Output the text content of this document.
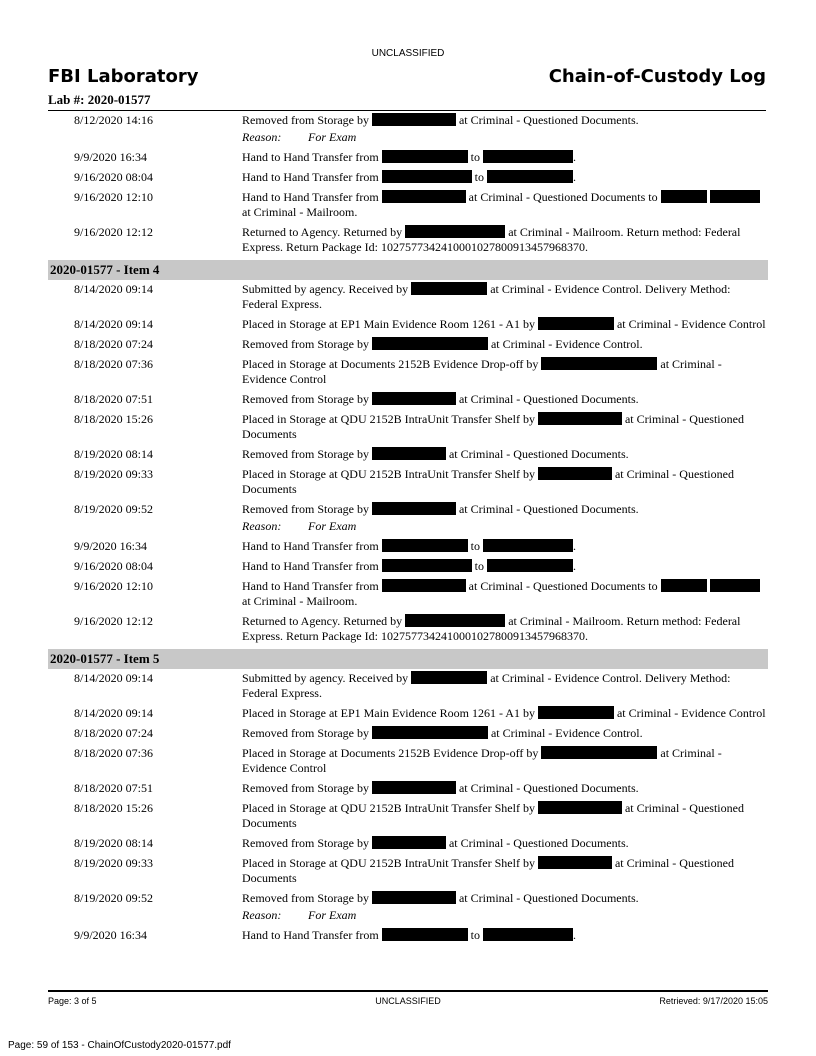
UNCLASSIFIED
FBI Laboratory	Chain-of-Custody Log
Lab #: 2020-01577
8/12/2020 14:16	Removed from Storage by	at Criminal - Questioned Documents.
Reason: For Exam
9/9/2020 16:34	Hand to Hand Transfer from	to	.
9/16/2020 08:04	Hand to Hand Transfer from	to	.
9/16/2020 12:10	Hand to Hand Transfer from	at Criminal - Questioned Documents to   at Criminal - Mailroom.
9/16/2020 12:12	Returned to Agency. Returned by	at Criminal - Mailroom. Return method: Federal Express. Return Package Id: 1027577342410001027800913457968370.
2020-01577 - Item 4
8/14/2020 09:14	Submitted by agency. Received by	at Criminal - Evidence Control. Delivery Method: Federal Express.
8/14/2020 09:14	Placed in Storage at EP1 Main Evidence Room 1261 - A1 by	at Criminal - Evidence Control
8/18/2020 07:24	Removed from Storage by	at Criminal - Evidence Control.
8/18/2020 07:36	Placed in Storage at Documents 2152B Evidence Drop-off by	at Criminal - Evidence Control
8/18/2020 07:51	Removed from Storage by	at Criminal - Questioned Documents.
8/18/2020 15:26	Placed in Storage at QDU 2152B IntraUnit Transfer Shelf by	at Criminal - Questioned Documents
8/19/2020 08:14	Removed from Storage by	at Criminal - Questioned Documents.
8/19/2020 09:33	Placed in Storage at QDU 2152B IntraUnit Transfer Shelf by	at Criminal - Questioned Documents
8/19/2020 09:52	Removed from Storage by	at Criminal - Questioned Documents.
Reason: For Exam
9/9/2020 16:34	Hand to Hand Transfer from	to	.
9/16/2020 08:04	Hand to Hand Transfer from	to	.
9/16/2020 12:10	Hand to Hand Transfer from	at Criminal - Questioned Documents to   at Criminal - Mailroom.
9/16/2020 12:12	Returned to Agency. Returned by	at Criminal - Mailroom. Return method: Federal Express. Return Package Id: 1027577342410001027800913457968370.
2020-01577 - Item 5
8/14/2020 09:14	Submitted by agency. Received by	at Criminal - Evidence Control. Delivery Method: Federal Express.
8/14/2020 09:14	Placed in Storage at EP1 Main Evidence Room 1261 - A1 by	at Criminal - Evidence Control
8/18/2020 07:24	Removed from Storage by	at Criminal - Evidence Control.
8/18/2020 07:36	Placed in Storage at Documents 2152B Evidence Drop-off by	at Criminal - Evidence Control
8/18/2020 07:51	Removed from Storage by	at Criminal - Questioned Documents.
8/18/2020 15:26	Placed in Storage at QDU 2152B IntraUnit Transfer Shelf by	at Criminal - Questioned Documents
8/19/2020 08:14	Removed from Storage by	at Criminal - Questioned Documents.
8/19/2020 09:33	Placed in Storage at QDU 2152B IntraUnit Transfer Shelf by	at Criminal - Questioned Documents
8/19/2020 09:52	Removed from Storage by	at Criminal - Questioned Documents.
Reason: For Exam
9/9/2020 16:34	Hand to Hand Transfer from	to	.
Page: 3 of 5	UNCLASSIFIED	Retrieved: 9/17/2020 15:05
Page: 59 of 153 - ChainOfCustody2020-01577.pdf
